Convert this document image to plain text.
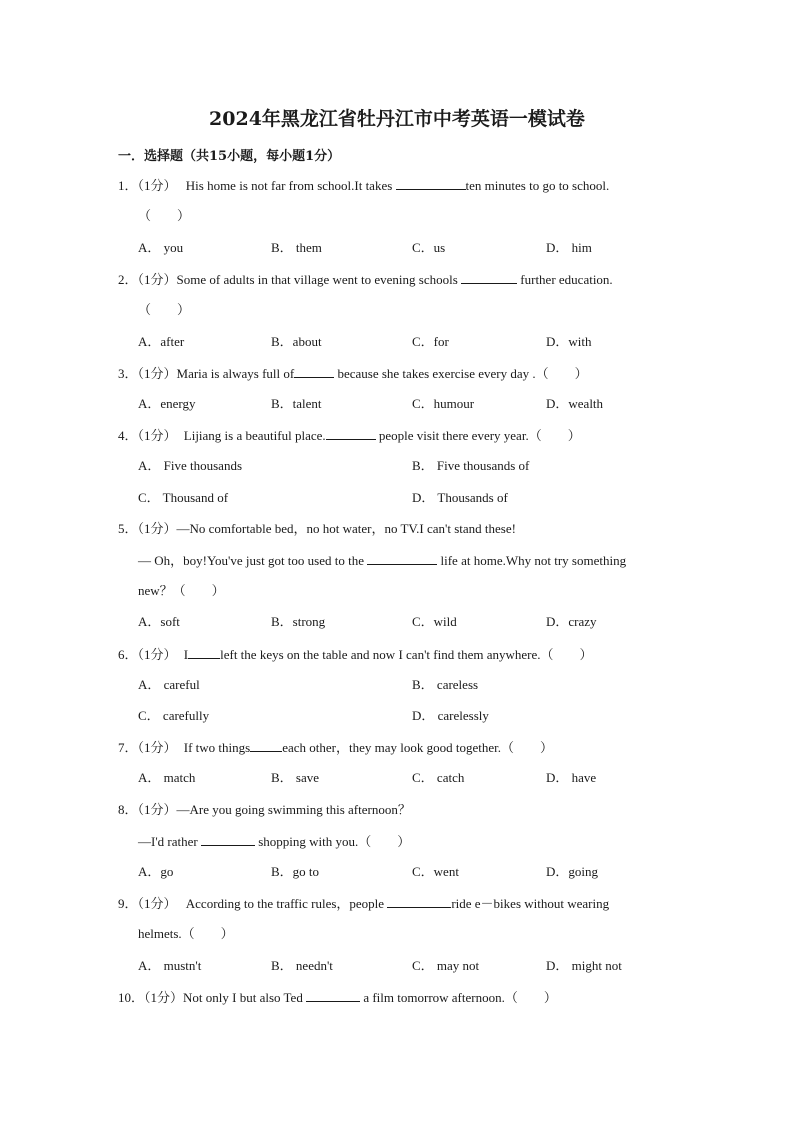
2024年黑龙江省牡丹江市中考英语一模试卷
一．选择题（共15小题，每小题1分）
1．（1分） His home is not far from school.It takes	ten minutes to go to school.
（　　）
A． you	B． them	C．us	D． him
2．（1分）Some of adults in that village went to evening schools	further education.
（　　）
A．after	B．about	C．for	D．with
3．（1分）Maria is always full of	because she takes exercise every day .（　　）
A．energy	B．talent	C．humour	D．wealth
4．（1分） Lijiang is a beautiful place.	people visit there every year.（　　）
A． Five thousands	B． Five thousands of
C． Thousand of	D． Thousands of
5．（1分）—No comfortable bed，no hot water，no TV.I can't stand these!
— Oh，boy!You've just got too used to the	life at home.Why not try something
new？（　　）
A．soft	B．strong	C．wild	D．crazy
6．（1分） I left the keys on the table and now I can't find them anywhere.（　　）
A． careful	B． careless
C． carefully	D． carelessly
7．（1分） If two things each other，they may look good together.（　　）
A． match	B． save	C． catch	D． have
8．（1分）—Are you going swimming this afternoon？
—I'd rather	shopping with you.（　　）
A．go	B．go to	C．went	D．going
9．（1分） According to the traffic rules，people	ride e－bikes without wearing
helmets.（　　）
A． mustn't	B． needn't	C． may not	D． might not
10．（1分）Not only I but also Ted	a film tomorrow afternoon.（　　）
